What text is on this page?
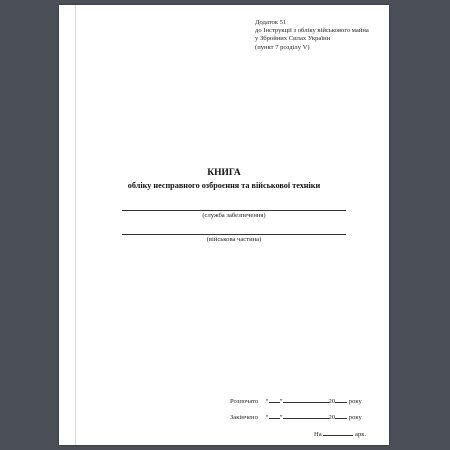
Додаток 51
до Інструкції з обліку військового майна
у Збройних Силах України
(пункт 7 розділу V)
КНИГА
обліку несправного озброєння та військової техніки
(служба забезпечення)
(військова частина)
Розпочато “ ”	20 року
Закінчено “ ”	20 року
На	арк.
